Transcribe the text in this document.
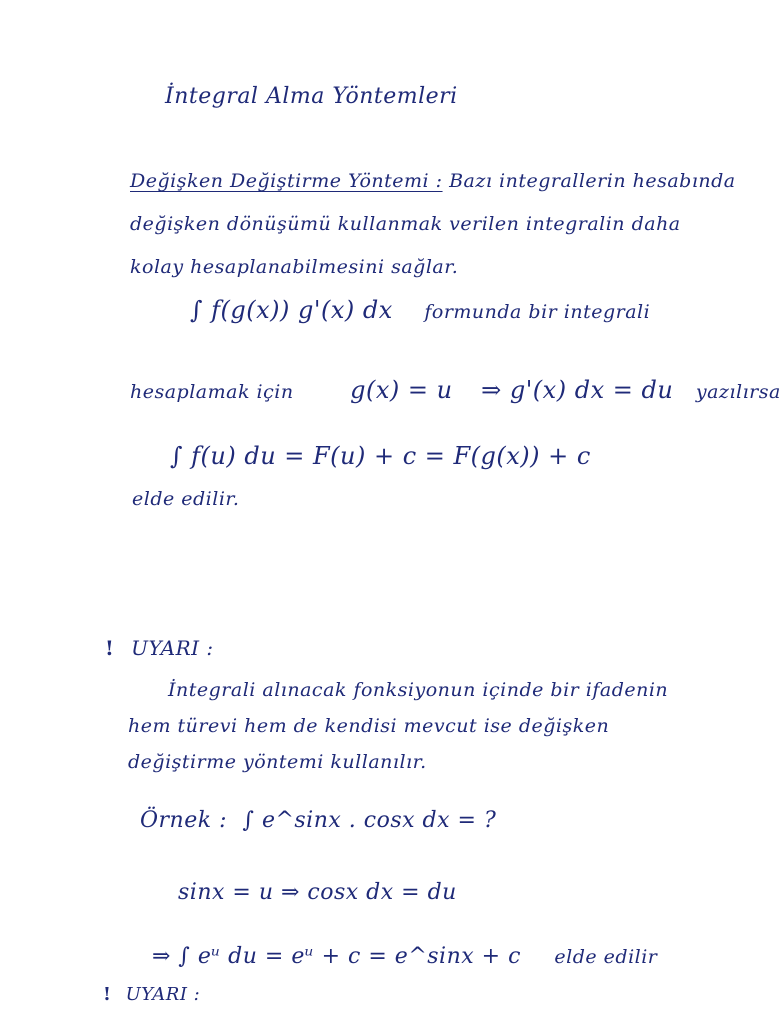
İntegral Alma Yöntemleri
Değişken Değiştirme Yöntemi : Bazı integrallerin hesabında
değişken dönüşümü kullanmak verilen integralin daha
kolay hesaplanabilmesini sağlar.
∫ f(g(x)) g'(x) dx formunda bir integrali
hesaplamak için g(x) = u ⇒ g'(x) dx = du yazılırsa
∫ f(u) du = F(u) + c = F(g(x)) + c
elde edilir.
! UYARI :
İntegrali alınacak fonksiyonun içinde bir ifadenin
hem türevi hem de kendisi mevcut ise değişken
değiştirme yöntemi kullanılır.
Örnek : ∫ e^sinx . cosx dx = ?
sinx = u ⇒ cosx dx = du
⇒ ∫ eᵘ du = eᵘ + c = e^sinx + c elde edilir
! UYARI :
